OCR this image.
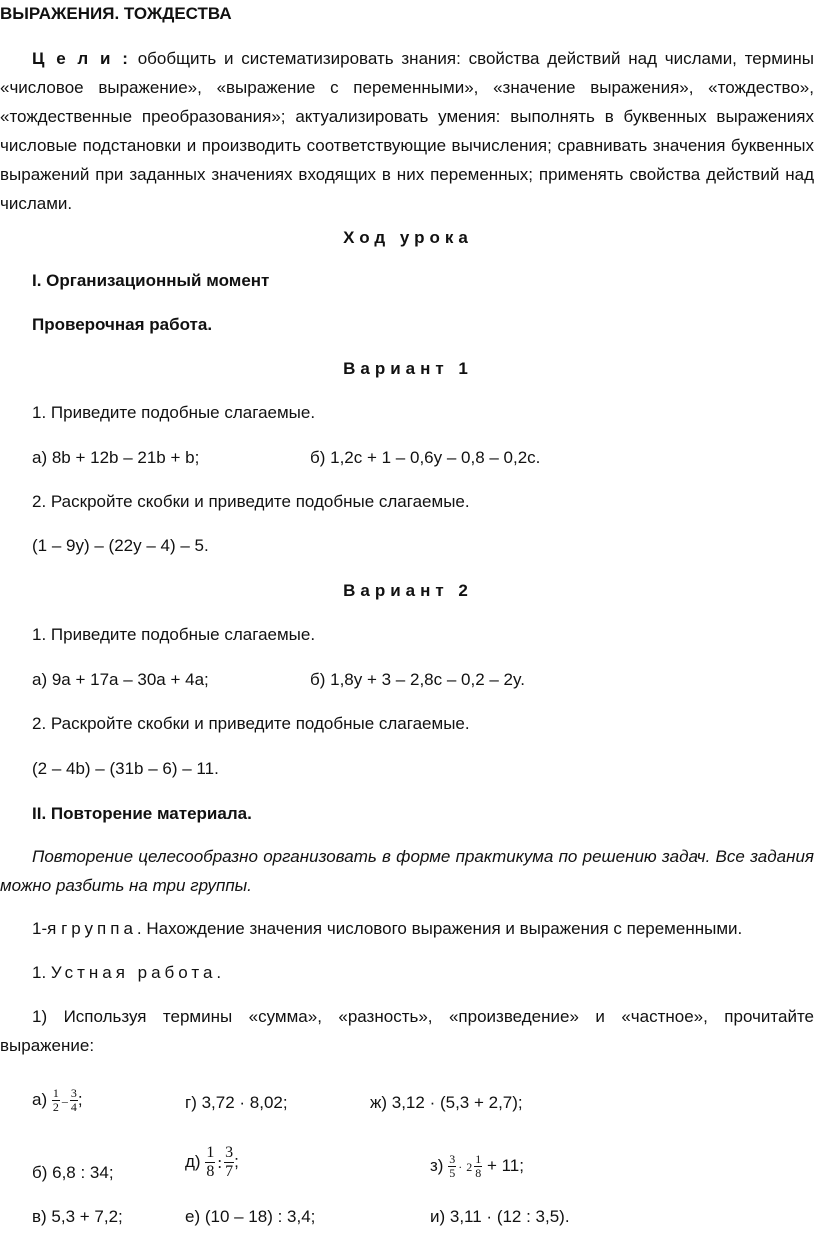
ВЫРАЖЕНИЯ. ТОЖДЕСТВА
Ц е л и : обобщить и систематизировать знания: свойства действий над числами, термины «числовое выражение», «выражение с переменными», «значение выражения», «тождество», «тождественные преобразования»; актуализировать умения: выполнять в буквенных выражениях числовые подстановки и производить соответствующие вычисления; сравнивать значения буквенных выражений при заданных значениях входящих в них переменных; применять свойства действий над числами.
Ход урока
I. Организационный момент
Проверочная работа.
Вариант 1
1. Приведите подобные слагаемые.
а) 8b + 12b – 21b + b;	б) 1,2c + 1 – 0,6y – 0,8 – 0,2c.
2. Раскройте скобки и приведите подобные слагаемые.
(1 – 9y) – (22y – 4) – 5.
Вариант 2
1. Приведите подобные слагаемые.
а) 9a + 17a – 30a + 4a;	б) 1,8y + 3 – 2,8c – 0,2 – 2y.
2. Раскройте скобки и приведите подобные слагаемые.
(2 – 4b) – (31b – 6) – 11.
II. Повторение материала.
Повторение целесообразно организовать в форме практикума по решению задач. Все задания можно разбить на три группы.
1-я группа. Нахождение значения числового выражения и выражения с переменными.
1. Устная работа.
1) Используя термины «сумма», «разность», «произведение» и «частное», прочитайте выражение:
$а) \frac{1}{2} - \frac{3}{4}$ ;	г) 3,72 · 8,02;	ж) 3,12 · (5,3 + 2,7);
б) 6,8 : 34;
$д) \frac{1}{8}$ : $\frac{3}{7}$ ;	$з) \frac{3}{5} \cdot 2 \frac{1}{8} + 11$;
в) 5,3 + 7,2;	е) (10 – 18) : 3,4;	и) 3,11 · (12 : 3,5).
